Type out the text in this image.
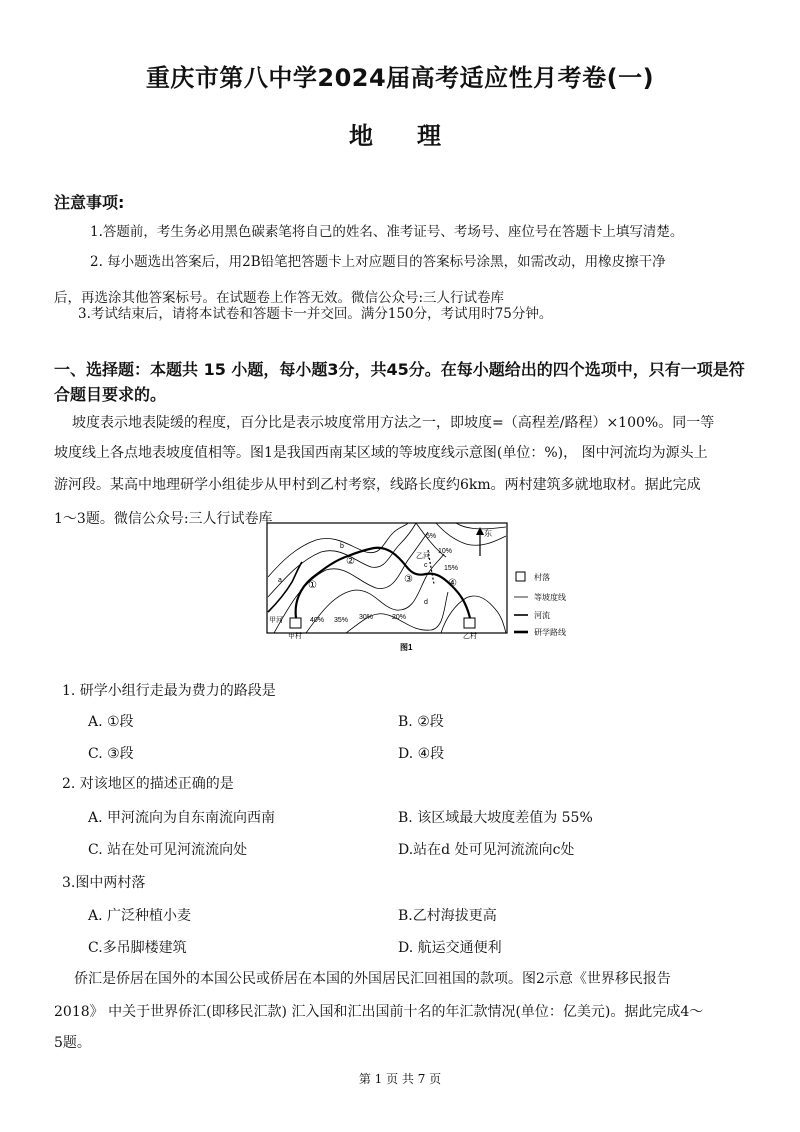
重庆市第八中学2024届高考适应性月考卷(一)
地　理
注意事项:
1.答题前，考生务必用黑色碳素笔将自己的姓名、准考证号、考场号、座位号在答题卡上填写清楚。
2. 每小题选出答案后，用2B铅笔把答题卡上对应题目的答案标号涂黑，如需改动，用橡皮擦干净
后，再选涂其他答案标号。在试题卷上作答无效。微信公众号:三人行试卷库
3.考试结束后，请将本试卷和答题卡一并交回。满分150分，考试用时75分钟。
一、选择题：本题共 15 小题，每小题3分，共45分。在每小题给出的四个选项中，只有一项是符
合题目要求的。
坡度表示地表陡缓的程度，百分比是表示坡度常用方法之一，即坡度=（高程差/路程）×100%。同一等
坡度线上各点地表坡度值相等。图1是我国西南某区域的等坡度线示意图(单位：%)， 图中河流均为源头上
游河段。某高中地理研学小组徒步从甲村到乙村考察，线路长度约6km。两村建筑多就地取材。据此完成
1～3题。微信公众号:三人行试卷库
a
b
c
d
甲河
乙河
甲村	乙村
①
②
③	④
40% 35% 30%	20%
5%
10%
15%
东
村落
等坡度线
河流
研学路线
图1
1. 研学小组行走最为费力的路段是
A. ①段	B. ②段
C. ③段	D. ④段
2. 对该地区的描述正确的是
A. 甲河流向为自东南流向西南	B. 该区域最大坡度差值为 55%
C. 站在处可见河流流向处	D.站在d 处可见河流流向c处
3.图中两村落
A. 广泛种植小麦	B.乙村海拔更高
C.多吊脚楼建筑	D. 航运交通便利
侨汇是侨居在国外的本国公民或侨居在本国的外国居民汇回祖国的款项。图2示意《世界移民报告
2018》 中关于世界侨汇(即移民汇款) 汇入国和汇出国前十名的年汇款情况(单位：亿美元)。据此完成4～
5题。
第 1 页 共 7 页
